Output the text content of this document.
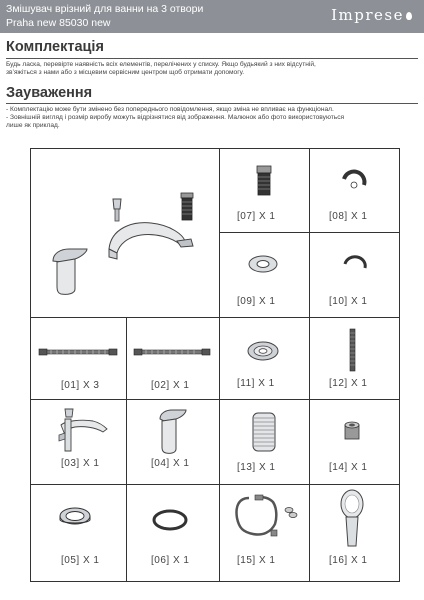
Змішувач врізний для ванни на 3 отвори
Praha new 85030 new	Imprese
Комплектація
Будь ласка, перевірте наявність всіх елементів, перелічених у списку. Якщо будьякий з них відсутній,
зв’яжіться з нами або з місцевим сервісним центром щоб отримати допомогу.
Зауваження
- Комплектацію може бути змінено без попереднього повідомлення, якщо зміна не впливає на функціонал.
- Зовнішній вигляд і розмір виробу можуть відрізнятися від зображення. Малюнок або фото використовуються
лише як приклад.
[07] X 1	[08] X 1
[09] X 1	[10] X 1
[01] X 3	[02] X 1	[11] X 1	[12] X 1
[03] X 1	[04] X 1	[13] X 1	[14] X 1
[05] X 1	[06] X 1	[15] X 1	[16] X 1
